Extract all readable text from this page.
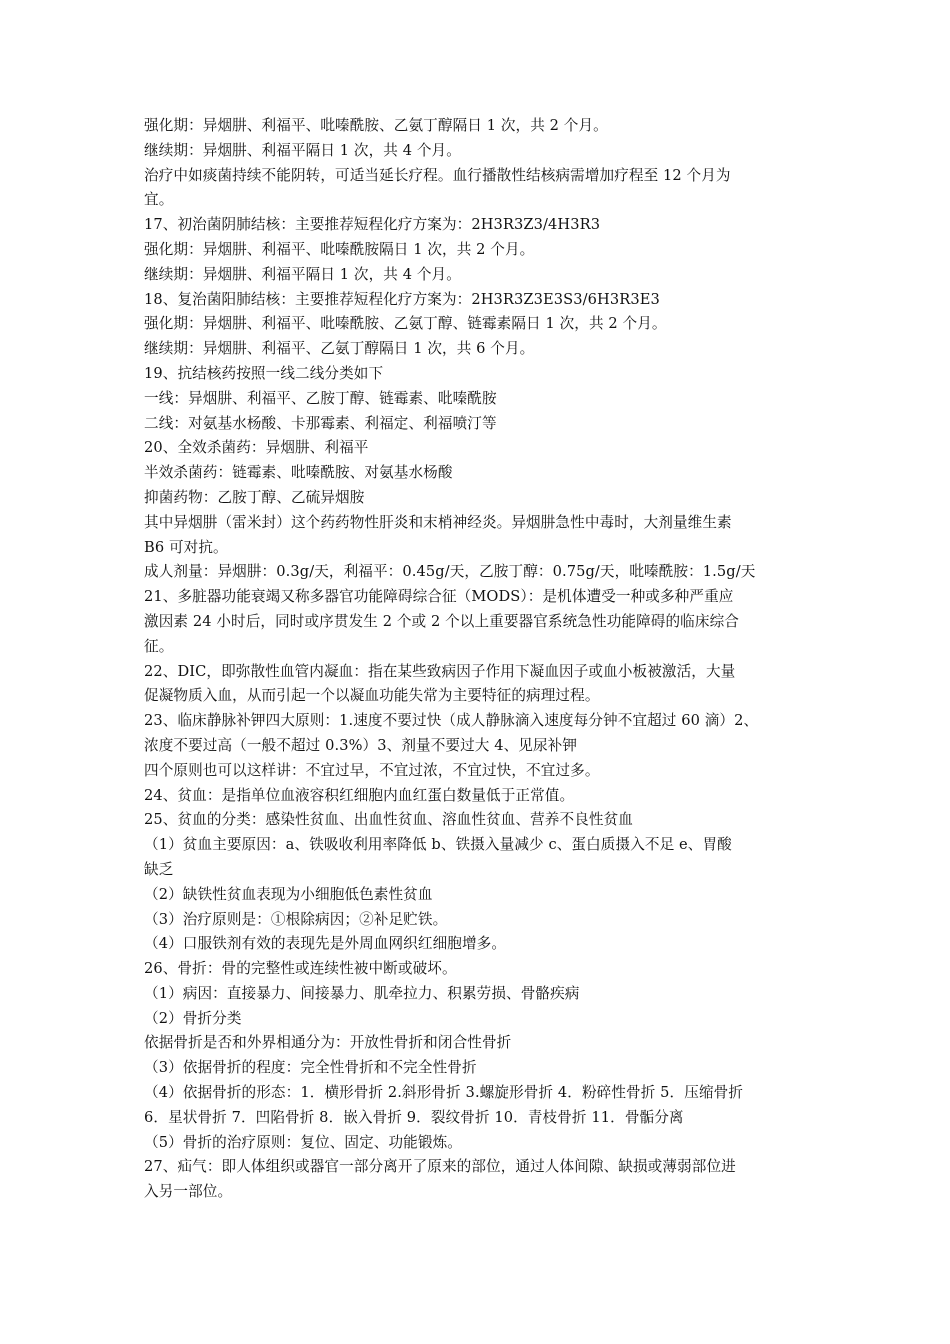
强化期：异烟肼、利福平、吡嗪酰胺、乙氨丁醇隔日 1 次，共 2 个月。
继续期：异烟肼、利福平隔日 1 次，共 4 个月。
治疗中如痰菌持续不能阴转，可适当延长疗程。血行播散性结核病需增加疗程至 12 个月为
宜。
17、初治菌阴肺结核：主要推荐短程化疗方案为：2H3R3Z3/4H3R3
强化期：异烟肼、利福平、吡嗪酰胺隔日 1 次，共 2 个月。
继续期：异烟肼、利福平隔日 1 次，共 4 个月。
18、复治菌阳肺结核：主要推荐短程化疗方案为：2H3R3Z3E3S3/6H3R3E3
强化期：异烟肼、利福平、吡嗪酰胺、乙氨丁醇、链霉素隔日 1 次，共 2 个月。
继续期：异烟肼、利福平、乙氨丁醇隔日 1 次，共 6 个月。
19、抗结核药按照一线二线分类如下
一线：异烟肼、利福平、乙胺丁醇、链霉素、吡嗪酰胺
二线：对氨基水杨酸、卡那霉素、利福定、利福喷汀等
20、全效杀菌药：异烟肼、利福平
半效杀菌药：链霉素、吡嗪酰胺、对氨基水杨酸
抑菌药物：乙胺丁醇、乙硫异烟胺
其中异烟肼（雷米封）这个药药物性肝炎和末梢神经炎。异烟肼急性中毒时，大剂量维生素
B6 可对抗。
成人剂量：异烟肼：0.3g/天，利福平：0.45g/天，乙胺丁醇：0.75g/天，吡嗪酰胺：1.5g/天
21、多脏器功能衰竭又称多器官功能障碍综合征（MODS）：是机体遭受一种或多种严重应
激因素 24 小时后，同时或序贯发生 2 个或 2 个以上重要器官系统急性功能障碍的临床综合
征。
22、DIC，即弥散性血管内凝血：指在某些致病因子作用下凝血因子或血小板被激活，大量
促凝物质入血，从而引起一个以凝血功能失常为主要特征的病理过程。
23、临床静脉补钾四大原则：1.速度不要过快（成人静脉滴入速度每分钟不宜超过 60 滴）2、
浓度不要过高（一般不超过 0.3%）3、剂量不要过大 4、见尿补钾
四个原则也可以这样讲：不宜过早，不宜过浓，不宜过快，不宜过多。
24、贫血：是指单位血液容积红细胞内血红蛋白数量低于正常值。
25、贫血的分类：感染性贫血、出血性贫血、溶血性贫血、营养不良性贫血
（1）贫血主要原因：a、铁吸收利用率降低 b、铁摄入量减少 c、蛋白质摄入不足 e、胃酸
缺乏
（2）缺铁性贫血表现为小细胞低色素性贫血
（3）治疗原则是：①根除病因；②补足贮铁。
（4）口服铁剂有效的表现先是外周血网织红细胞增多。
26、骨折：骨的完整性或连续性被中断或破坏。
（1）病因：直接暴力、间接暴力、肌牵拉力、积累劳损、骨骼疾病
（2）骨折分类
依据骨折是否和外界相通分为：开放性骨折和闭合性骨折
（3）依据骨折的程度：完全性骨折和不完全性骨折
（4）依据骨折的形态：1．横形骨折 2.斜形骨折 3.螺旋形骨折 4．粉碎性骨折 5．压缩骨折
6．星状骨折 7．凹陷骨折 8．嵌入骨折 9．裂纹骨折 10．青枝骨折 11．骨骺分离
（5）骨折的治疗原则：复位、固定、功能锻炼。
27、疝气：即人体组织或器官一部分离开了原来的部位，通过人体间隙、缺损或薄弱部位进
入另一部位。
